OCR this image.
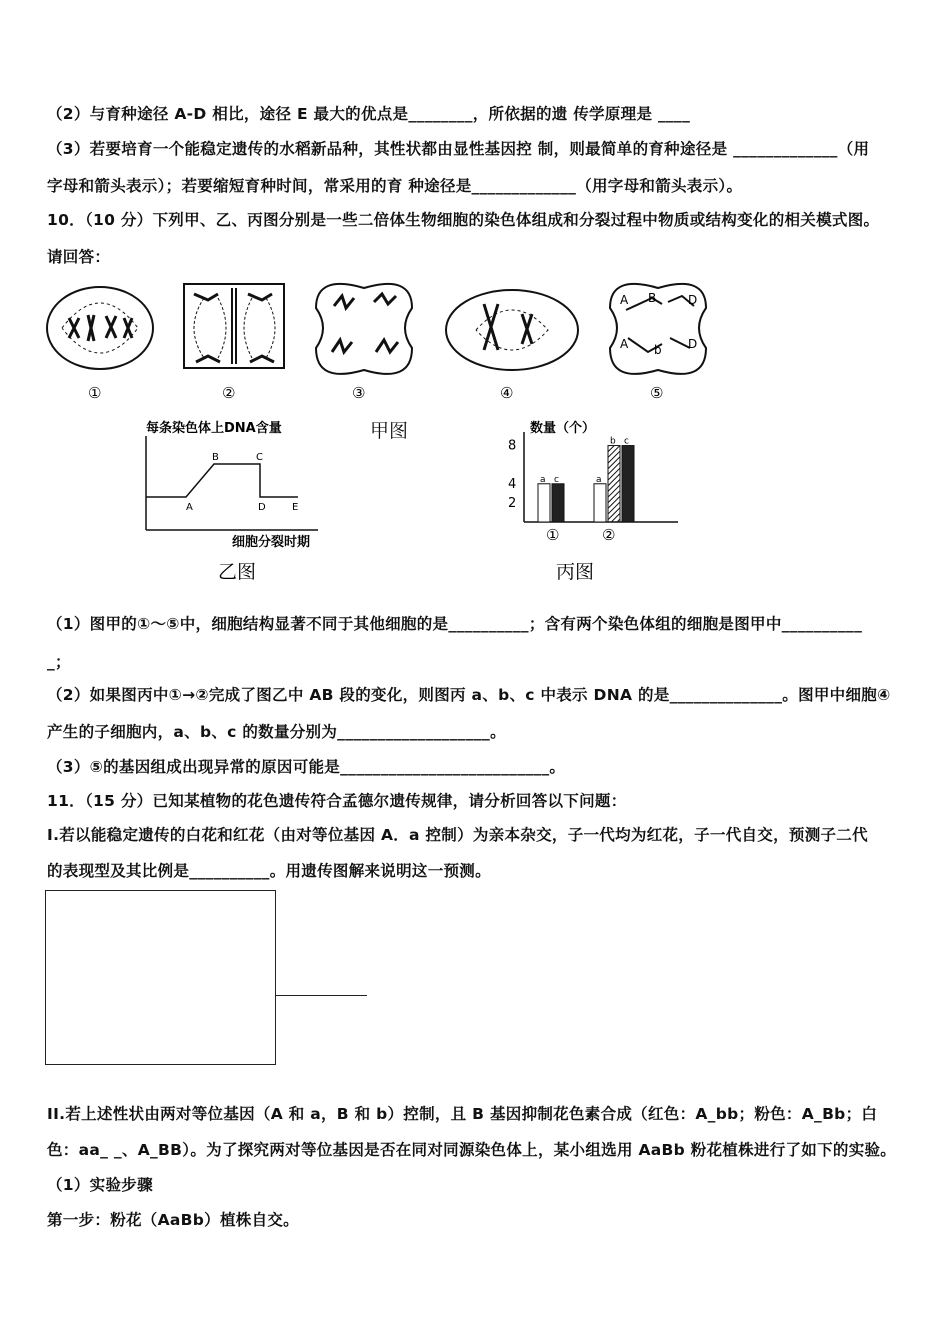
（2）与育种途径 A-D 相比，途径 E 最大的优点是________，所依据的遗 传学原理是 ____
（3）若要培育一个能稳定遗传的水稻新品种，其性状都由显性基因控 制，则最简单的育种途径是 _____________（用
字母和箭头表示）；若要缩短育种时间，常采用的育 种途径是_____________（用字母和箭头表示）。
10．（10 分）下列甲、乙、丙图分别是一些二倍体生物细胞的染色体组成和分裂过程中物质或结构变化的相关模式图。
请回答：
A B	D
A b D
①	②	③	④	⑤
每条染色体上DNA含量
A
B	C
D	E
细胞分裂时期
乙图
甲图	数量（个）
丙图
2
4
8
a c
①
a
b c
②
（1）图甲的①～⑤中，细胞结构显著不同于其他细胞的是__________；含有两个染色体组的细胞是图甲中__________
_；
（2）如果图丙中①→②完成了图乙中 AB 段的变化，则图丙 a、b、c 中表示 DNA 的是______________。图甲中细胞④
产生的子细胞内，a、b、c 的数量分别为___________________。
（3）⑤的基因组成出现异常的原因可能是__________________________。
11．（15 分）已知某植物的花色遗传符合孟德尔遗传规律，请分析回答以下问题：
I.若以能稳定遗传的白花和红花（由对等位基因 A．a 控制）为亲本杂交，子一代均为红花，子一代自交，预测子二代
的表现型及其比例是__________。用遗传图解来说明这一预测。
II.若上述性状由两对等位基因（A 和 a，B 和 b）控制，且 B 基因抑制花色素合成（红色：A_bb；粉色：A_Bb；白
色：aa_ _、A_BB）。为了探究两对等位基因是否在同对同源染色体上，某小组选用 AaBb 粉花植株进行了如下的实验。
（1）实验步骤
第一步：粉花（AaBb）植株自交。
